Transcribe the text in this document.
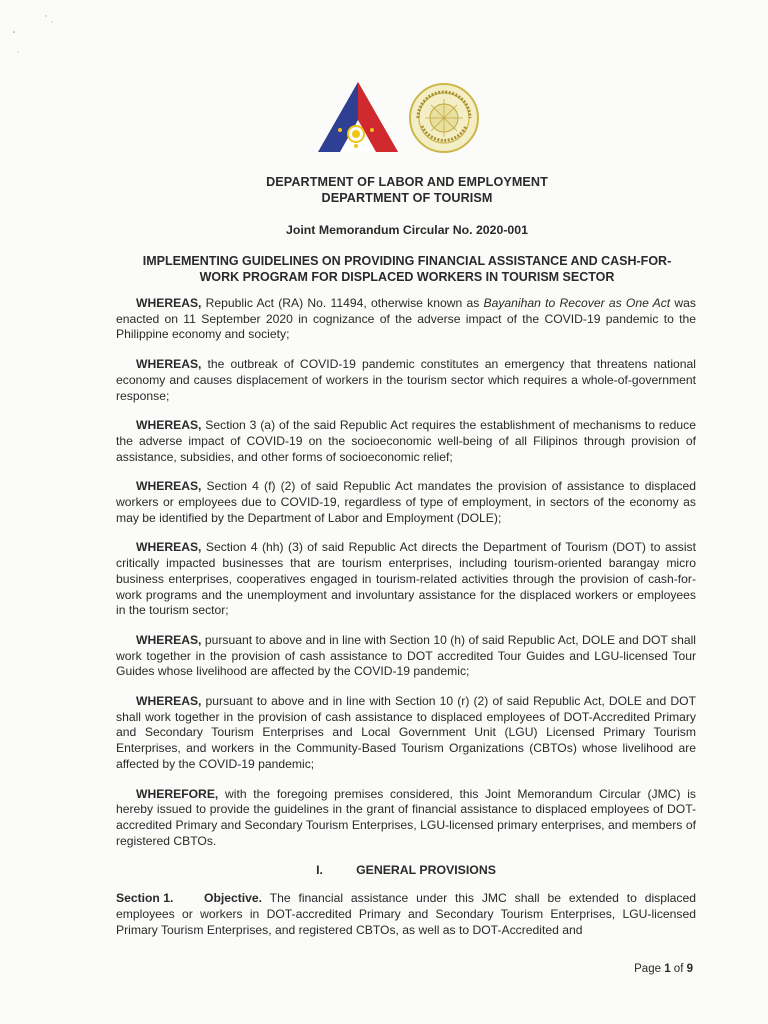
DEPARTMENT OF LABOR AND EMPLOYMENT
DEPARTMENT OF TOURISM
Joint Memorandum Circular No. 2020-001
IMPLEMENTING GUIDELINES ON PROVIDING FINANCIAL ASSISTANCE AND CASH-FOR-
WORK PROGRAM FOR DISPLACED WORKERS IN TOURISM SECTOR

WHEREAS, Republic Act (RA) No. 11494, otherwise known as Bayanihan to Recover as One Act was enacted on 11 September 2020 in cognizance of the adverse impact of the COVID-19 pandemic to the Philippine economy and society;

WHEREAS, the outbreak of COVID-19 pandemic constitutes an emergency that threatens national economy and causes displacement of workers in the tourism sector which requires a whole-of-government response;

WHEREAS, Section 3 (a) of the said Republic Act requires the establishment of mechanisms to reduce the adverse impact of COVID-19 on the socioeconomic well-being of all Filipinos through provision of assistance, subsidies, and other forms of socioeconomic relief;

WHEREAS, Section 4 (f) (2) of said Republic Act mandates the provision of assistance to displaced workers or employees due to COVID-19, regardless of type of employment, in sectors of the economy as may be identified by the Department of Labor and Employment (DOLE);

WHEREAS, Section 4 (hh) (3) of said Republic Act directs the Department of Tourism (DOT) to assist critically impacted businesses that are tourism enterprises, including tourism-oriented barangay micro business enterprises, cooperatives engaged in tourism-related activities through the provision of cash-for-work programs and the unemployment and involuntary assistance for the displaced workers or employees in the tourism sector;

WHEREAS, pursuant to above and in line with Section 10 (h) of said Republic Act, DOLE and DOT shall work together in the provision of cash assistance to DOT accredited Tour Guides and LGU-licensed Tour Guides whose livelihood are affected by the COVID-19 pandemic;

WHEREAS, pursuant to above and in line with Section 10 (r) (2) of said Republic Act, DOLE and DOT shall work together in the provision of cash assistance to displaced employees of DOT-Accredited Primary and Secondary Tourism Enterprises and Local Government Unit (LGU) Licensed Primary Tourism Enterprises, and workers in the Community-Based Tourism Organizations (CBTOs) whose livelihood are affected by the COVID-19 pandemic;

WHEREFORE, with the foregoing premises considered, this Joint Memorandum Circular (JMC) is hereby issued to provide the guidelines in the grant of financial assistance to displaced employees of DOT-accredited Primary and Secondary Tourism Enterprises, LGU-licensed primary enterprises, and members of registered CBTOs.

I.	GENERAL PROVISIONS

Section 1.	Objective. The financial assistance under this JMC shall be extended to displaced employees or workers in DOT-accredited Primary and Secondary Tourism Enterprises, LGU-licensed Primary Tourism Enterprises, and registered CBTOs, as well as to DOT-Accredited and

Page 1 of 9
